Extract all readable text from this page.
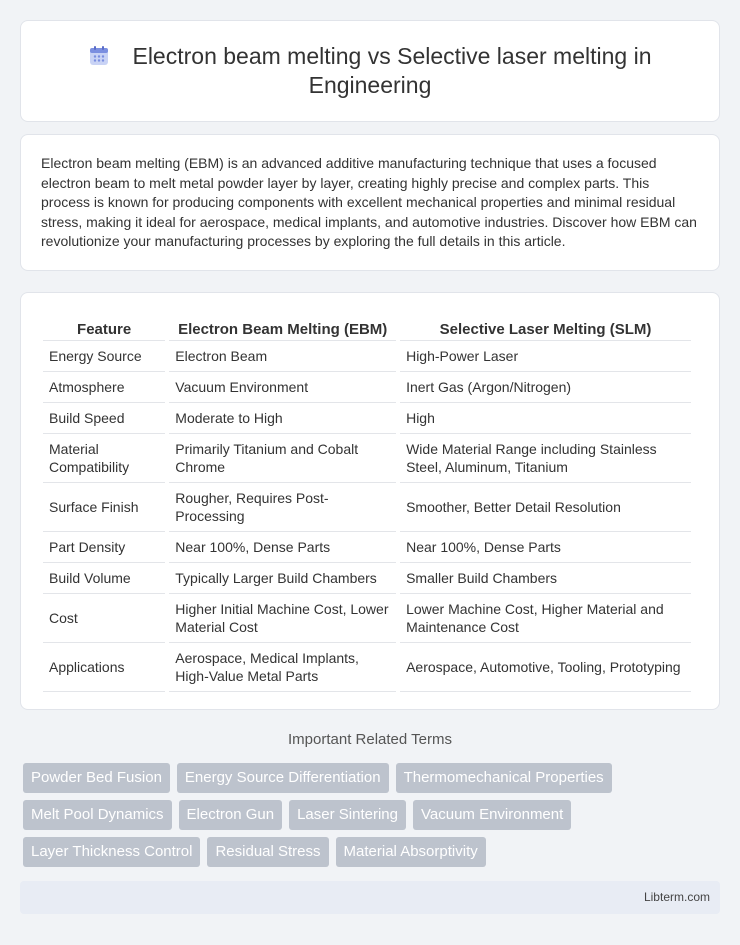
Electron beam melting vs Selective laser melting in Engineering

Electron beam melting (EBM) is an advanced additive manufacturing technique that uses a focused electron beam to melt metal powder layer by layer, creating highly precise and complex parts. This process is known for producing components with excellent mechanical properties and minimal residual stress, making it ideal for aerospace, medical implants, and automotive industries. Discover how EBM can revolutionize your manufacturing processes by exploring the full details in this article.

Feature	Electron Beam Melting (EBM)	Selective Laser Melting (SLM)
Energy Source	Electron Beam	High-Power Laser
Atmosphere	Vacuum Environment	Inert Gas (Argon/Nitrogen)
Build Speed	Moderate to High	High
Material Compatibility	Primarily Titanium and Cobalt Chrome	Wide Material Range including Stainless Steel, Aluminum, Titanium
Surface Finish	Rougher, Requires Post-Processing	Smoother, Better Detail Resolution
Part Density	Near 100%, Dense Parts	Near 100%, Dense Parts
Build Volume	Typically Larger Build Chambers	Smaller Build Chambers
Cost	Higher Initial Machine Cost, Lower Material Cost	Lower Machine Cost, Higher Material and Maintenance Cost
Applications	Aerospace, Medical Implants, High-Value Metal Parts	Aerospace, Automotive, Tooling, Prototyping
Important Related Terms
Powder Bed Fusion	Energy Source Differentiation	Thermomechanical Properties
Melt Pool Dynamics	Electron Gun	Laser Sintering	Vacuum Environment
Layer Thickness Control	Residual Stress	Material Absorptivity
Libterm.com
